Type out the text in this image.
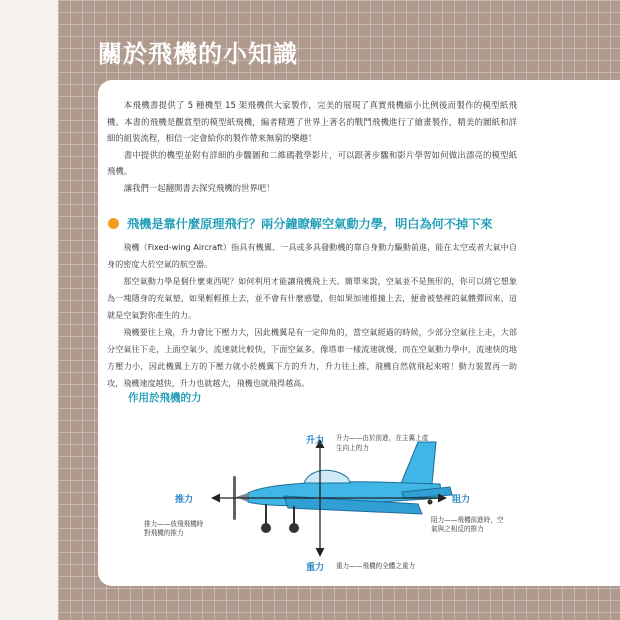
關於飛機的小知識

本飛機書提供了 5 種機型 15 架飛機供大家製作，完美的展現了真實飛機縮小比例後而製作的模型紙飛機。本書的飛機是觀賞型的模型紙飛機，編者精選了世界上著名的戰鬥飛機進行了繪畫製作，精美的圖紙和詳細的組裝流程，相信一定會給你的製作帶來無窮的樂趣！

書中提供的機型並附有詳細的步驟圖和二維碼教學影片，可以跟著步驟和影片學習如何做出漂亮的模型紙飛機。

讓我們一起翻開書去探究飛機的世界吧！

飛機是靠什麼原理飛行？兩分鐘瞭解空氣動力學，明白為何不掉下來

飛機（Fixed-wing Aircraft）指具有機翼、一具或多具發動機的靠自身動力驅動前進，能在太空或者大氣中自身的密度大於空氣的航空器。

那空氣動力學是個什麼東西呢？如何利用才能讓飛機飛上天。簡單來說，空氣並不是無形的，你可以將它想象為一塊隱身的充氣墊，如果輕輕推上去，並不會有什麼感覺，但如果加速推撞上去，便會被墊裡的氣體彈回來，這就是空氣對你產生的力。

飛機要往上飛，升力會比下壓力大，因此機翼是有一定仰角的，當空氣經過的時候，少部分空氣往上走，大部分空氣往下走，上面空氣少，流速就比較快，下面空氣多，像塔車一樣流速就慢，而在空氣動力學中，流速快的地方壓力小，因此機翼上方的下壓力就小於機翼下方的升力，升力往上推，飛機自然就飛起來啦！動力裝置再一助攻，飛機速度越快，升力也就越大，飛機也就飛得越高。

作用於飛機的力
升力 升力——由於前進，在主翼上產
生向上的力
推力
推力——放飛飛機時
對飛機的推力
阻力
阻力——飛機前進時，空
氣與之相反的推力
重力 重力——飛機的全體之重力
